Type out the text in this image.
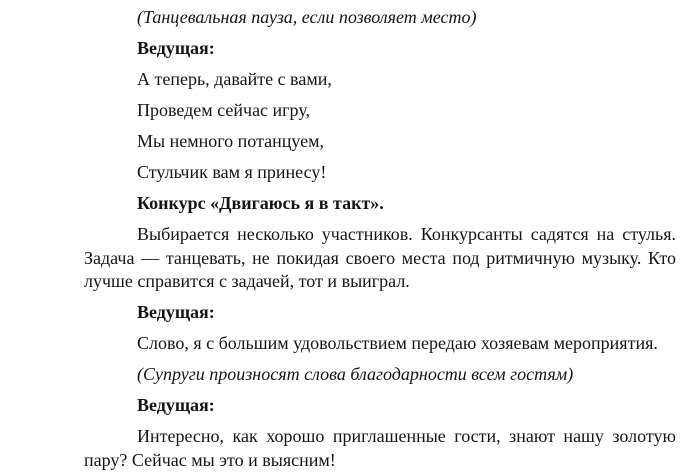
(Танцевальная пауза, если позволяет место)

Ведущая:

А теперь, давайте с вами,

Проведем сейчас игру,

Мы немного потанцуем,

Стульчик вам я принесу!

Конкурс «Двигаюсь я в такт».

Выбирается несколько участников. Конкурсанты садятся на стулья. Задача — танцевать, не покидая своего места под ритмичную музыку. Кто лучше справится с задачей, тот и выиграл.

Ведущая:

Слово, я с большим удовольствием передаю хозяевам мероприятия.

(Супруги произносят слова благодарности всем гостям)

Ведущая:

Интересно, как хорошо приглашенные гости, знают нашу золотую пару? Сейчас мы это и выясним!
